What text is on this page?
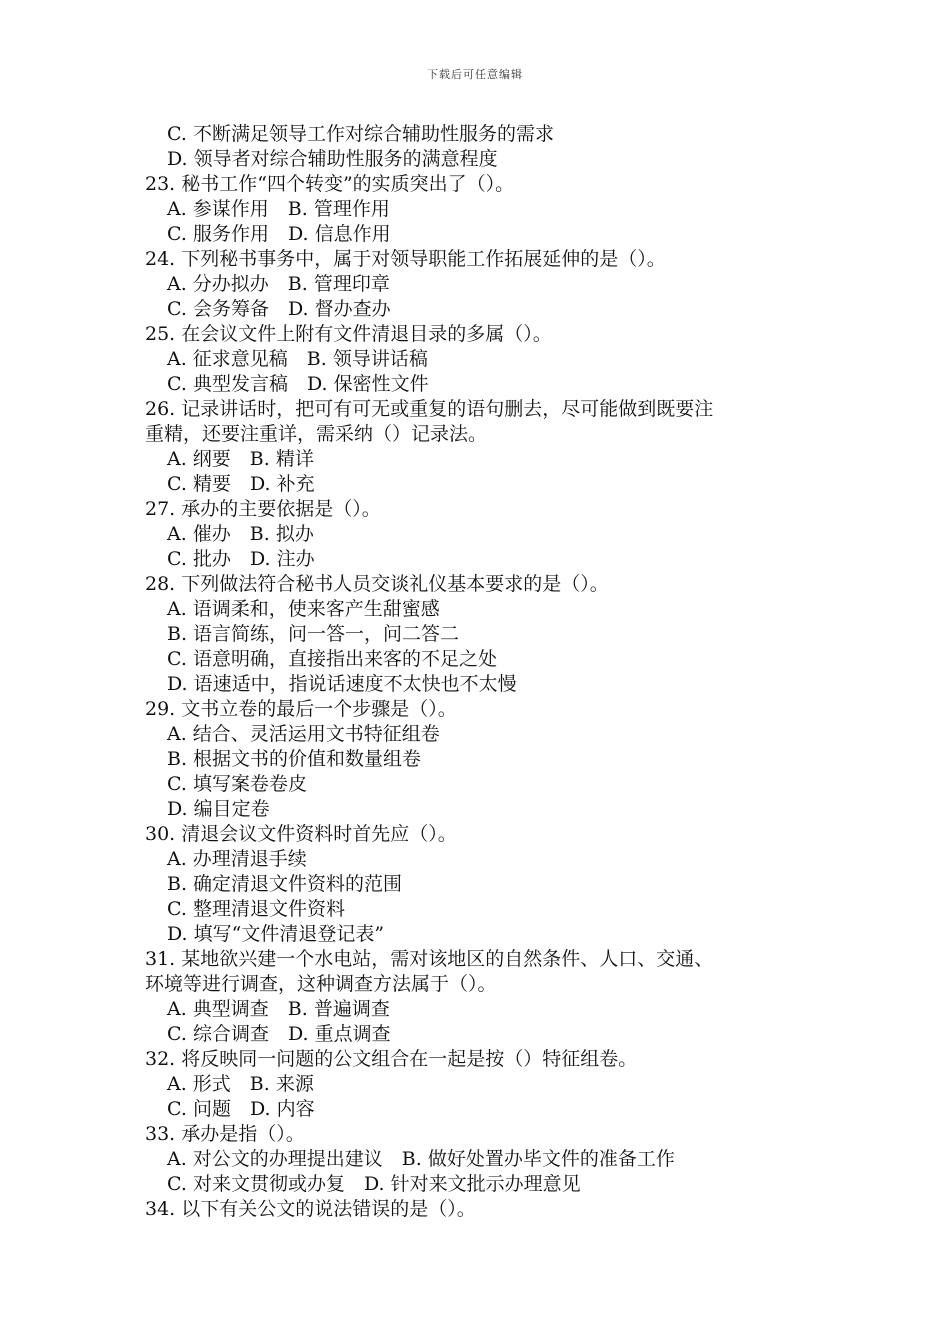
下载后可任意编辑
C. 不断满足领导工作对综合辅助性服务的需求
D. 领导者对综合辅助性服务的满意程度
23. 秘书工作“四个转变”的实质突出了（）。
A. 参谋作用　B. 管理作用
C. 服务作用　D. 信息作用
24. 下列秘书事务中，属于对领导职能工作拓展延伸的是（）。
A. 分办拟办　B. 管理印章
C. 会务筹备　D. 督办查办
25. 在会议文件上附有文件清退目录的多属（）。
A. 征求意见稿　B. 领导讲话稿
C. 典型发言稿　D. 保密性文件
26. 记录讲话时，把可有可无或重复的语句删去，尽可能做到既要注
重精，还要注重详，需采纳（）记录法。
A. 纲要　B. 精详
C. 精要　D. 补充
27. 承办的主要依据是（）。
A. 催办　B. 拟办
C. 批办　D. 注办
28. 下列做法符合秘书人员交谈礼仪基本要求的是（）。
A. 语调柔和，使来客产生甜蜜感
B. 语言简练，问一答一，问二答二
C. 语意明确，直接指出来客的不足之处
D. 语速适中，指说话速度不太快也不太慢
29. 文书立卷的最后一个步骤是（）。
A. 结合、灵活运用文书特征组卷
B. 根据文书的价值和数量组卷
C. 填写案卷卷皮
D. 编目定卷
30. 清退会议文件资料时首先应（）。
A. 办理清退手续
B. 确定清退文件资料的范围
C. 整理清退文件资料
D. 填写“文件清退登记表”
31. 某地欲兴建一个水电站，需对该地区的自然条件、人口、交通、
环境等进行调查，这种调查方法属于（）。
A. 典型调查　B. 普遍调查
C. 综合调查　D. 重点调查
32. 将反映同一问题的公文组合在一起是按（）特征组卷。
A. 形式　B. 来源
C. 问题　D. 内容
33. 承办是指（）。
A. 对公文的办理提出建议　B. 做好处置办毕文件的准备工作
C. 对来文贯彻或办复　D. 针对来文批示办理意见
34. 以下有关公文的说法错误的是（）。
